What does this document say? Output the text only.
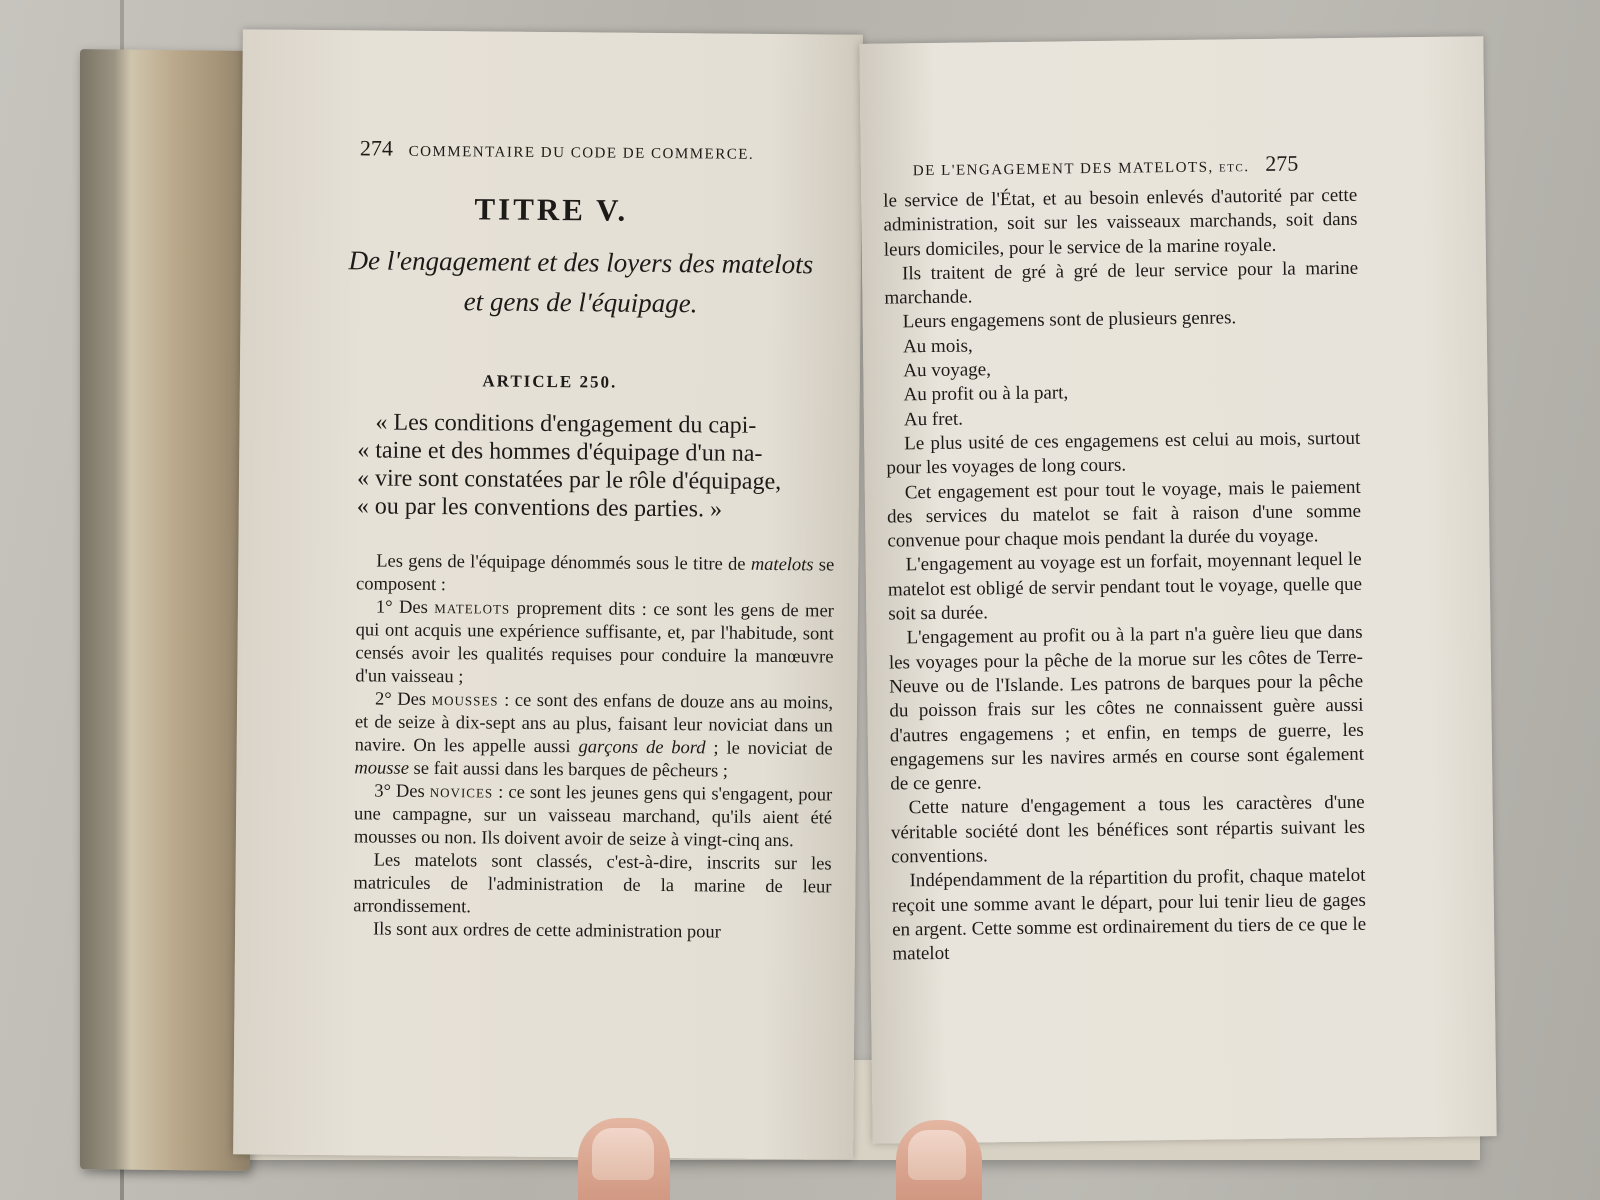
274 COMMENTAIRE DU CODE DE COMMERCE.
TITRE V.
De l'engagement et des loyers des matelots
et gens de l'équipage.
ARTICLE 250.
« Les conditions d'engagement du capi-
« taine et des hommes d'équipage d'un na-
« vire sont constatées par le rôle d'équipage,
« ou par les conventions des parties. »

Les gens de l'équipage dénommés sous le titre de matelots se composent :

1° Des matelots proprement dits : ce sont les gens de mer qui ont acquis une expérience suffisante, et, par l'habitude, sont censés avoir les qualités requises pour conduire la manœuvre d'un vaisseau ;

2° Des mousses : ce sont des enfans de douze ans au moins, et de seize à dix-sept ans au plus, faisant leur noviciat dans un navire. On les appelle aussi garçons de bord ; le noviciat de mousse se fait aussi dans les barques de pêcheurs ;

3° Des novices : ce sont les jeunes gens qui s'engagent, pour une campagne, sur un vaisseau marchand, qu'ils aient été mousses ou non. Ils doivent avoir de seize à vingt-cinq ans.

Les matelots sont classés, c'est-à-dire, inscrits sur les matricules de l'administration de la marine de leur arrondissement.

Ils sont aux ordres de cette administration pour

DE L'ENGAGEMENT DES MATELOTS, etc. 275

le service de l'État, et au besoin enlevés d'autorité par cette administration, soit sur les vaisseaux marchands, soit dans leurs domiciles, pour le service de la marine royale.

Ils traitent de gré à gré de leur service pour la marine marchande.

Leurs engagemens sont de plusieurs genres.

Au mois,

Au voyage,

Au profit ou à la part,

Au fret.

Le plus usité de ces engagemens est celui au mois, surtout pour les voyages de long cours.

Cet engagement est pour tout le voyage, mais le paiement des services du matelot se fait à raison d'une somme convenue pour chaque mois pendant la durée du voyage.

L'engagement au voyage est un forfait, moyennant lequel le matelot est obligé de servir pendant tout le voyage, quelle que soit sa durée.

L'engagement au profit ou à la part n'a guère lieu que dans les voyages pour la pêche de la morue sur les côtes de Terre-Neuve ou de l'Islande. Les patrons de barques pour la pêche du poisson frais sur les côtes ne connaissent guère aussi d'autres engagemens ; et enfin, en temps de guerre, les engagemens sur les navires armés en course sont également de ce genre.

Cette nature d'engagement a tous les caractères d'une véritable société dont les bénéfices sont répartis suivant les conventions.

Indépendamment de la répartition du profit, chaque matelot reçoit une somme avant le départ, pour lui tenir lieu de gages en argent. Cette somme est ordinairement du tiers de ce que le matelot
